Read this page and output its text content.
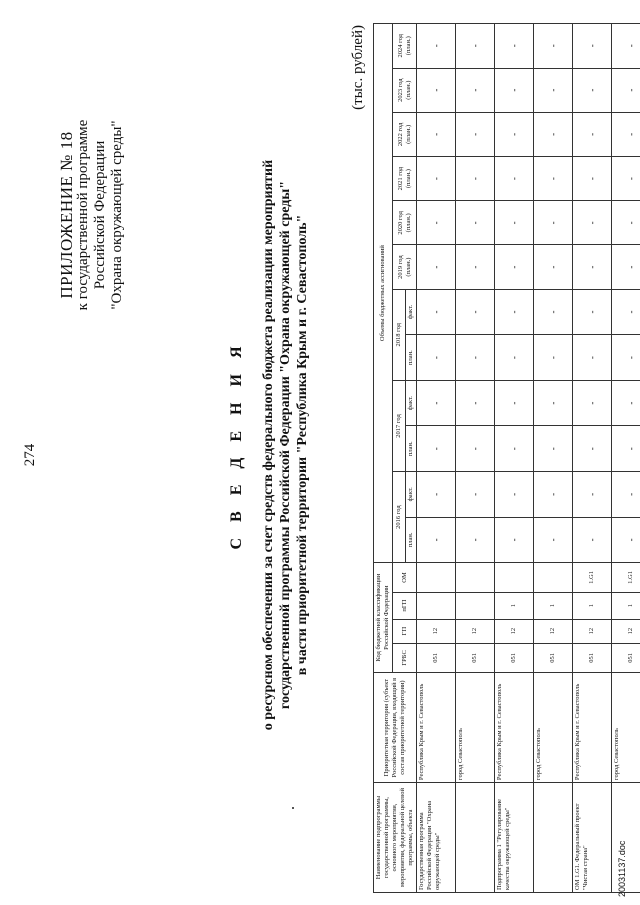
274
ПРИЛОЖЕНИЕ № 18 к государственной программе Российской Федерации "Охрана окружающей среды"
С В Е Д Е Н И Я о ресурсном обеспечении за счет средств федерального бюджета реализации мероприятий государственной программы Российской Федерации "Охрана окружающей среды" в части приоритетной территории "Республика Крым и г. Севастополь"
(тыс. рублей)
Наименование подпрограммы государственной программы, основного мероприятия, мероприятия, федеральной целевой программы, объекта	Приоритетная территория (субъект Российской Федерации, входящий в состав приоритетной территории)	Код бюджетной классификации Российской Федерации				Объемы бюджетных ассигнований											
		ГРБС	ГП	пГП	ОМ	2016 год		2017 год		2018 год		2019 год (план.)	2020 год (план.)	2021 год (план.)	2022 год (план.)	2023 год (план.)	2024 год (план.)
						план.	факт.	план.	факт.	план.	факт.						
Государственная программа Российской Федерации "Охрана окружающей среды"	Республика Крым и г. Севастополь	051	12			-	-	-	-	-	-	-	-	-	-	-	-
	город Севастополь	051	12			-	-	-	-	-	-	-	-	-	-	-	-
Подпрограмма 1 "Регулирование качества окружающей среды"	Республика Крым и г. Севастополь	051	12	1		-	-	-	-	-	-	-	-	-	-	-	-
	город Севастополь	051	12	1		-	-	-	-	-	-	-	-	-	-	-	-
ОМ 1.G1. Федеральный проект "Чистая страна"	Республика Крым и г. Севастополь	051	12	1	1.G1	-	-	-	-	-	-	-	-	-	-	-	-
	город Севастополь	051	12	1	1.G1	-	-	-	-	-	-	-	-	-	-	-	-
20031137.doc
